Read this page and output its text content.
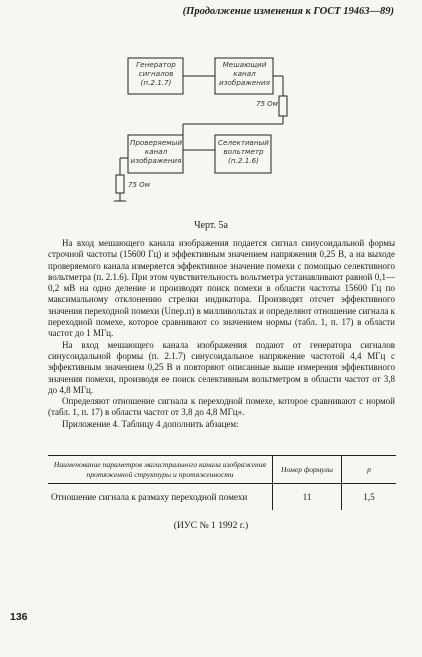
(Продолжение изменения к ГОСТ 19463—89)
Генератор
сигналов
(п.2.1.7)
Мешающий
канал
изображения
Проверяемый
канал
изображения
Селективный
вольтметр
(п.2.1.6)
75 Ом
75 Ом
Черт. 5а

На вход мешающего канала изображения подается сигнал синусоидальной формы строчной частоты (15600 Гц) и эффективным значением напряжения 0,25 В, а на выходе проверяемого канала измеряется эффективное значение помехи с помощью селективного вольтметра (п. 2.1.6). При этом чувствительность вольтметра устанавливают равной 0,1—0,2 мВ на одно деление и производят поиск помехи в области частоты 15600 Гц по максимальному отклонению стрелки индикатора. Производят отсчет эффективного значения переходной помехи (Uпер.п) в милливольтах и определяют отношение сигнала к переходной помехе, которое сравнивают со значением нормы (табл. 1, п. 17) в области частот до 1 МГц.

На вход мешающего канала изображения подают от генератора сигналов синусоидальной формы (п. 2.1.7) синусоидальное напряжение частотой 4,4 МГц с эффективным значением 0,25 В и повторяют описанные выше измерения эффективного значения помехи, производя ее поиск селективным вольтметром в области частот от 3,8 до 4,8 МГц.

Определяют отношение сигнала к переходной помехе, которое сравнивают с нормой (табл. 1, п. 17) в области частот от 3,8 до 4,8 МГц».

Приложение 4. Таблицу 4 дополнить абзацем:

Наименование параметров магистрального канала изображения протяженной структуры и протяженности	Номер формулы	р
Отношение сигнала к размаху переходной помехи	11	1,5
(ИУС № 1 1992 г.)
136
